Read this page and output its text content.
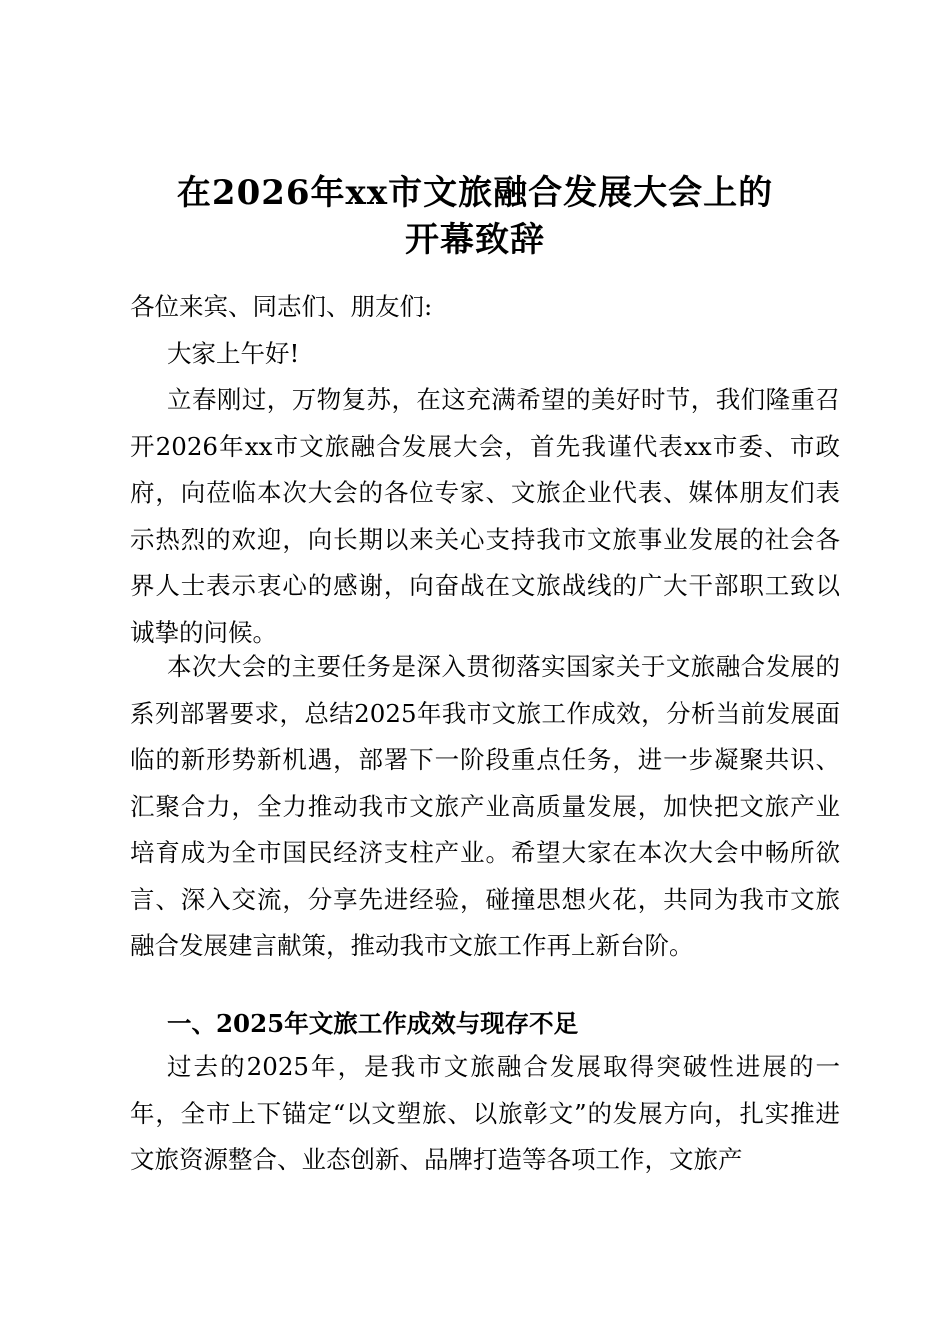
在2026年xx市文旅融合发展大会上的
开幕致辞

各位来宾、同志们、朋友们:

大家上午好!

立春刚过，万物复苏，在这充满希望的美好时节，我们隆重召开2026年xx市文旅融合发展大会，首先我谨代表xx市委、市政府，向莅临本次大会的各位专家、文旅企业代表、媒体朋友们表示热烈的欢迎，向长期以来关心支持我市文旅事业发展的社会各界人士表示衷心的感谢，向奋战在文旅战线的广大干部职工致以诚挚的问候。

本次大会的主要任务是深入贯彻落实国家关于文旅融合发展的系列部署要求，总结2025年我市文旅工作成效，分析当前发展面临的新形势新机遇，部署下一阶段重点任务，进一步凝聚共识、汇聚合力，全力推动我市文旅产业高质量发展，加快把文旅产业培育成为全市国民经济支柱产业。希望大家在本次大会中畅所欲言、深入交流，分享先进经验，碰撞思想火花，共同为我市文旅融合发展建言献策，推动我市文旅工作再上新台阶。

一、2025年文旅工作成效与现存不足

过去的2025年，是我市文旅融合发展取得突破性进展的一年，全市上下锚定“以文塑旅、以旅彰文”的发展方向，扎实推进文旅资源整合、业态创新、品牌打造等各项工作，文旅产
